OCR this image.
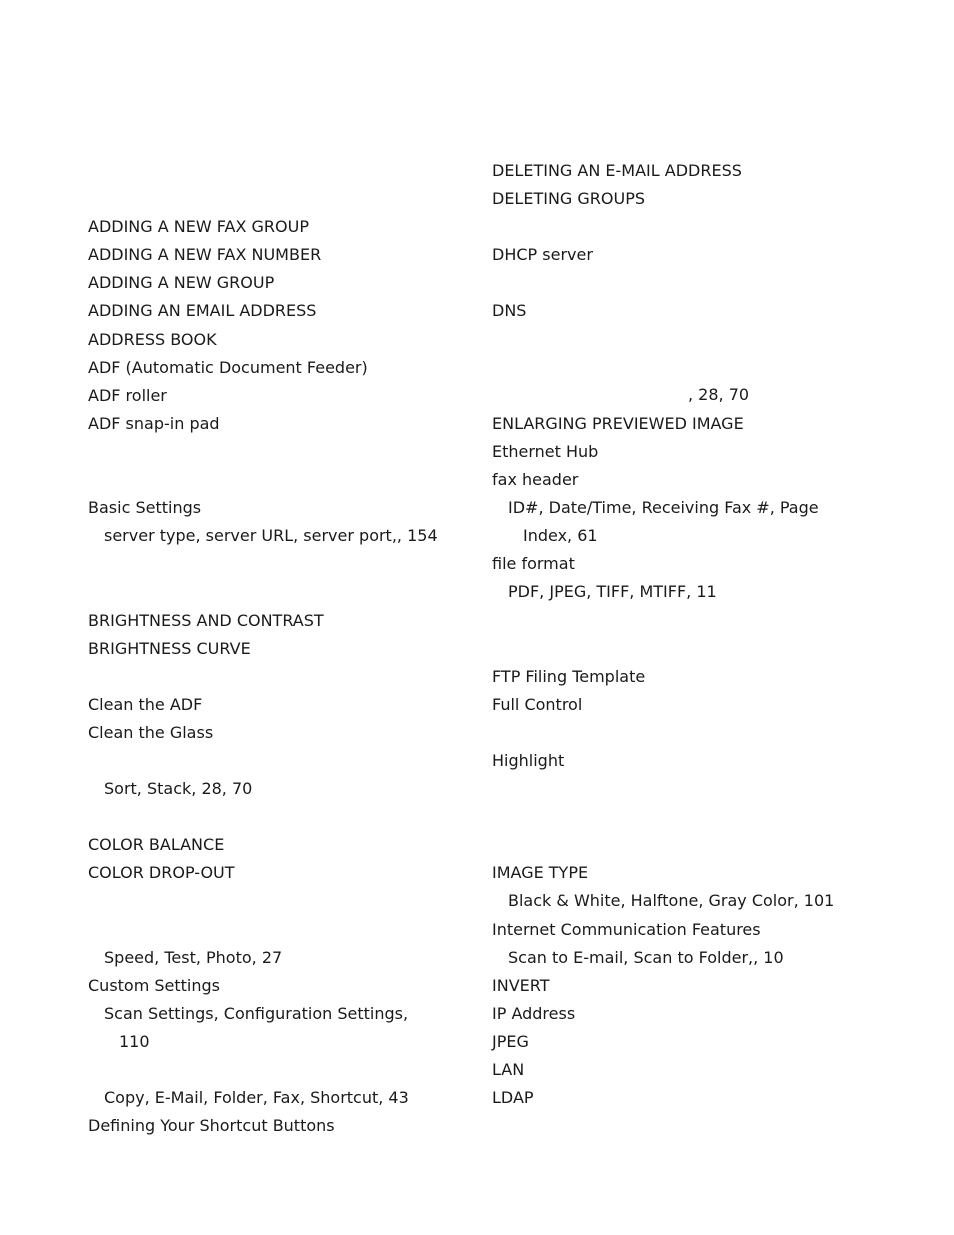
ADDING A NEW FAX GROUP
ADDING A NEW FAX NUMBER
ADDING A NEW GROUP
ADDING AN EMAIL ADDRESS
ADDRESS BOOK
ADF (Automatic Document Feeder)
ADF roller
ADF snap-in pad
Basic Settings
server type, server URL, server port,, 154
BRIGHTNESS AND CONTRAST
BRIGHTNESS CURVE
Clean the ADF
Clean the Glass
Sort, Stack, 28, 70
COLOR BALANCE
COLOR DROP-OUT
Speed, Test, Photo, 27
Custom Settings
Scan Settings, Configuration Settings,
110
Copy, E-Mail, Folder, Fax, Shortcut, 43
Defining Your Shortcut Buttons
DELETING AN E-MAIL ADDRESS
DELETING GROUPS
DHCP server
DNS
ENLARGING PREVIEWED IMAGE
Ethernet Hub
fax header
ID#, Date/Time, Receiving Fax #, Page
Index, 61
file format
PDF, JPEG, TIFF, MTIFF, 11
FTP Filing Template
Full Control
Highlight
IMAGE TYPE
Black & White, Halftone, Gray Color, 101
Internet Communication Features
Scan to E-mail, Scan to Folder,, 10
INVERT
IP Address
JPEG
LAN
LDAP
, 28, 70
